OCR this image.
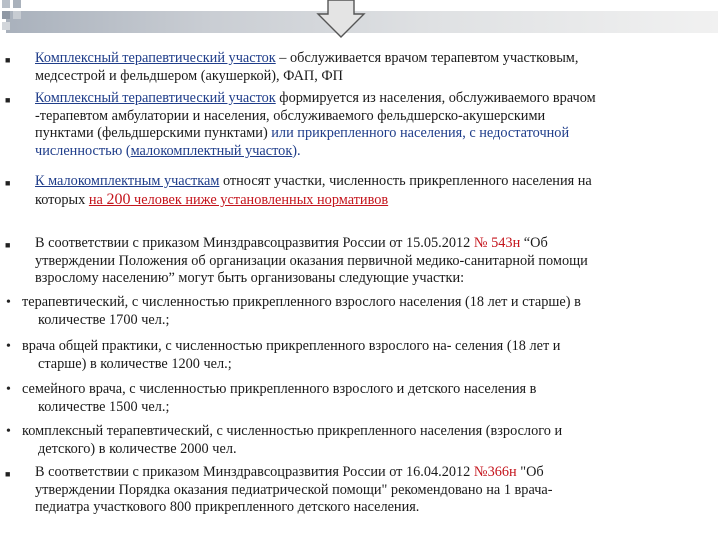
■ Комплексный терапевтический участок – обслуживается врачом терапевтом участковым,
медсестрой и фельдшером (акушеркой), ФАП, ФП
■ Комплексный терапевтический участок формируется из населения, обслуживаемого врачом
-терапевтом амбулатории и населения, обслуживаемого фельдшерско-акушерскими
пунктами (фельдшерскими пунктами) или прикрепленного населения, с недостаточной
численностью (малокомплектный участок).
■ К малокомплектным участкам относят участки, численность прикрепленного населения на
которых на 200 человек ниже установленных нормативов
■ В соответствии с приказом Минздравсоцразвития России от 15.05.2012 № 543н “Об
утверждении Положения об организации оказания первичной медико-санитарной помощи
взрослому населению” могут быть организованы следующие участки:
• терапевтический, с численностью прикрепленного взрослого населения (18 лет и старше) в
количестве 1700 чел.;
• врача общей практики, с численностью прикрепленного взрослого на- селения (18 лет и
старше) в количестве 1200 чел.;
• семейного врача, с численностью прикрепленного взрослого и детского населения в
количестве 1500 чел.;
• комплексный терапевтический, с численностью прикрепленного населения (взрослого и
детского) в количестве 2000 чел.
■ В соответствии с приказом Минздравсоцразвития России от 16.04.2012 №366н "Об
утверждении Порядка оказания педиатрической помощи" рекомендовано на 1 врача-
педиатра участкового 800 прикрепленного детского населения.
